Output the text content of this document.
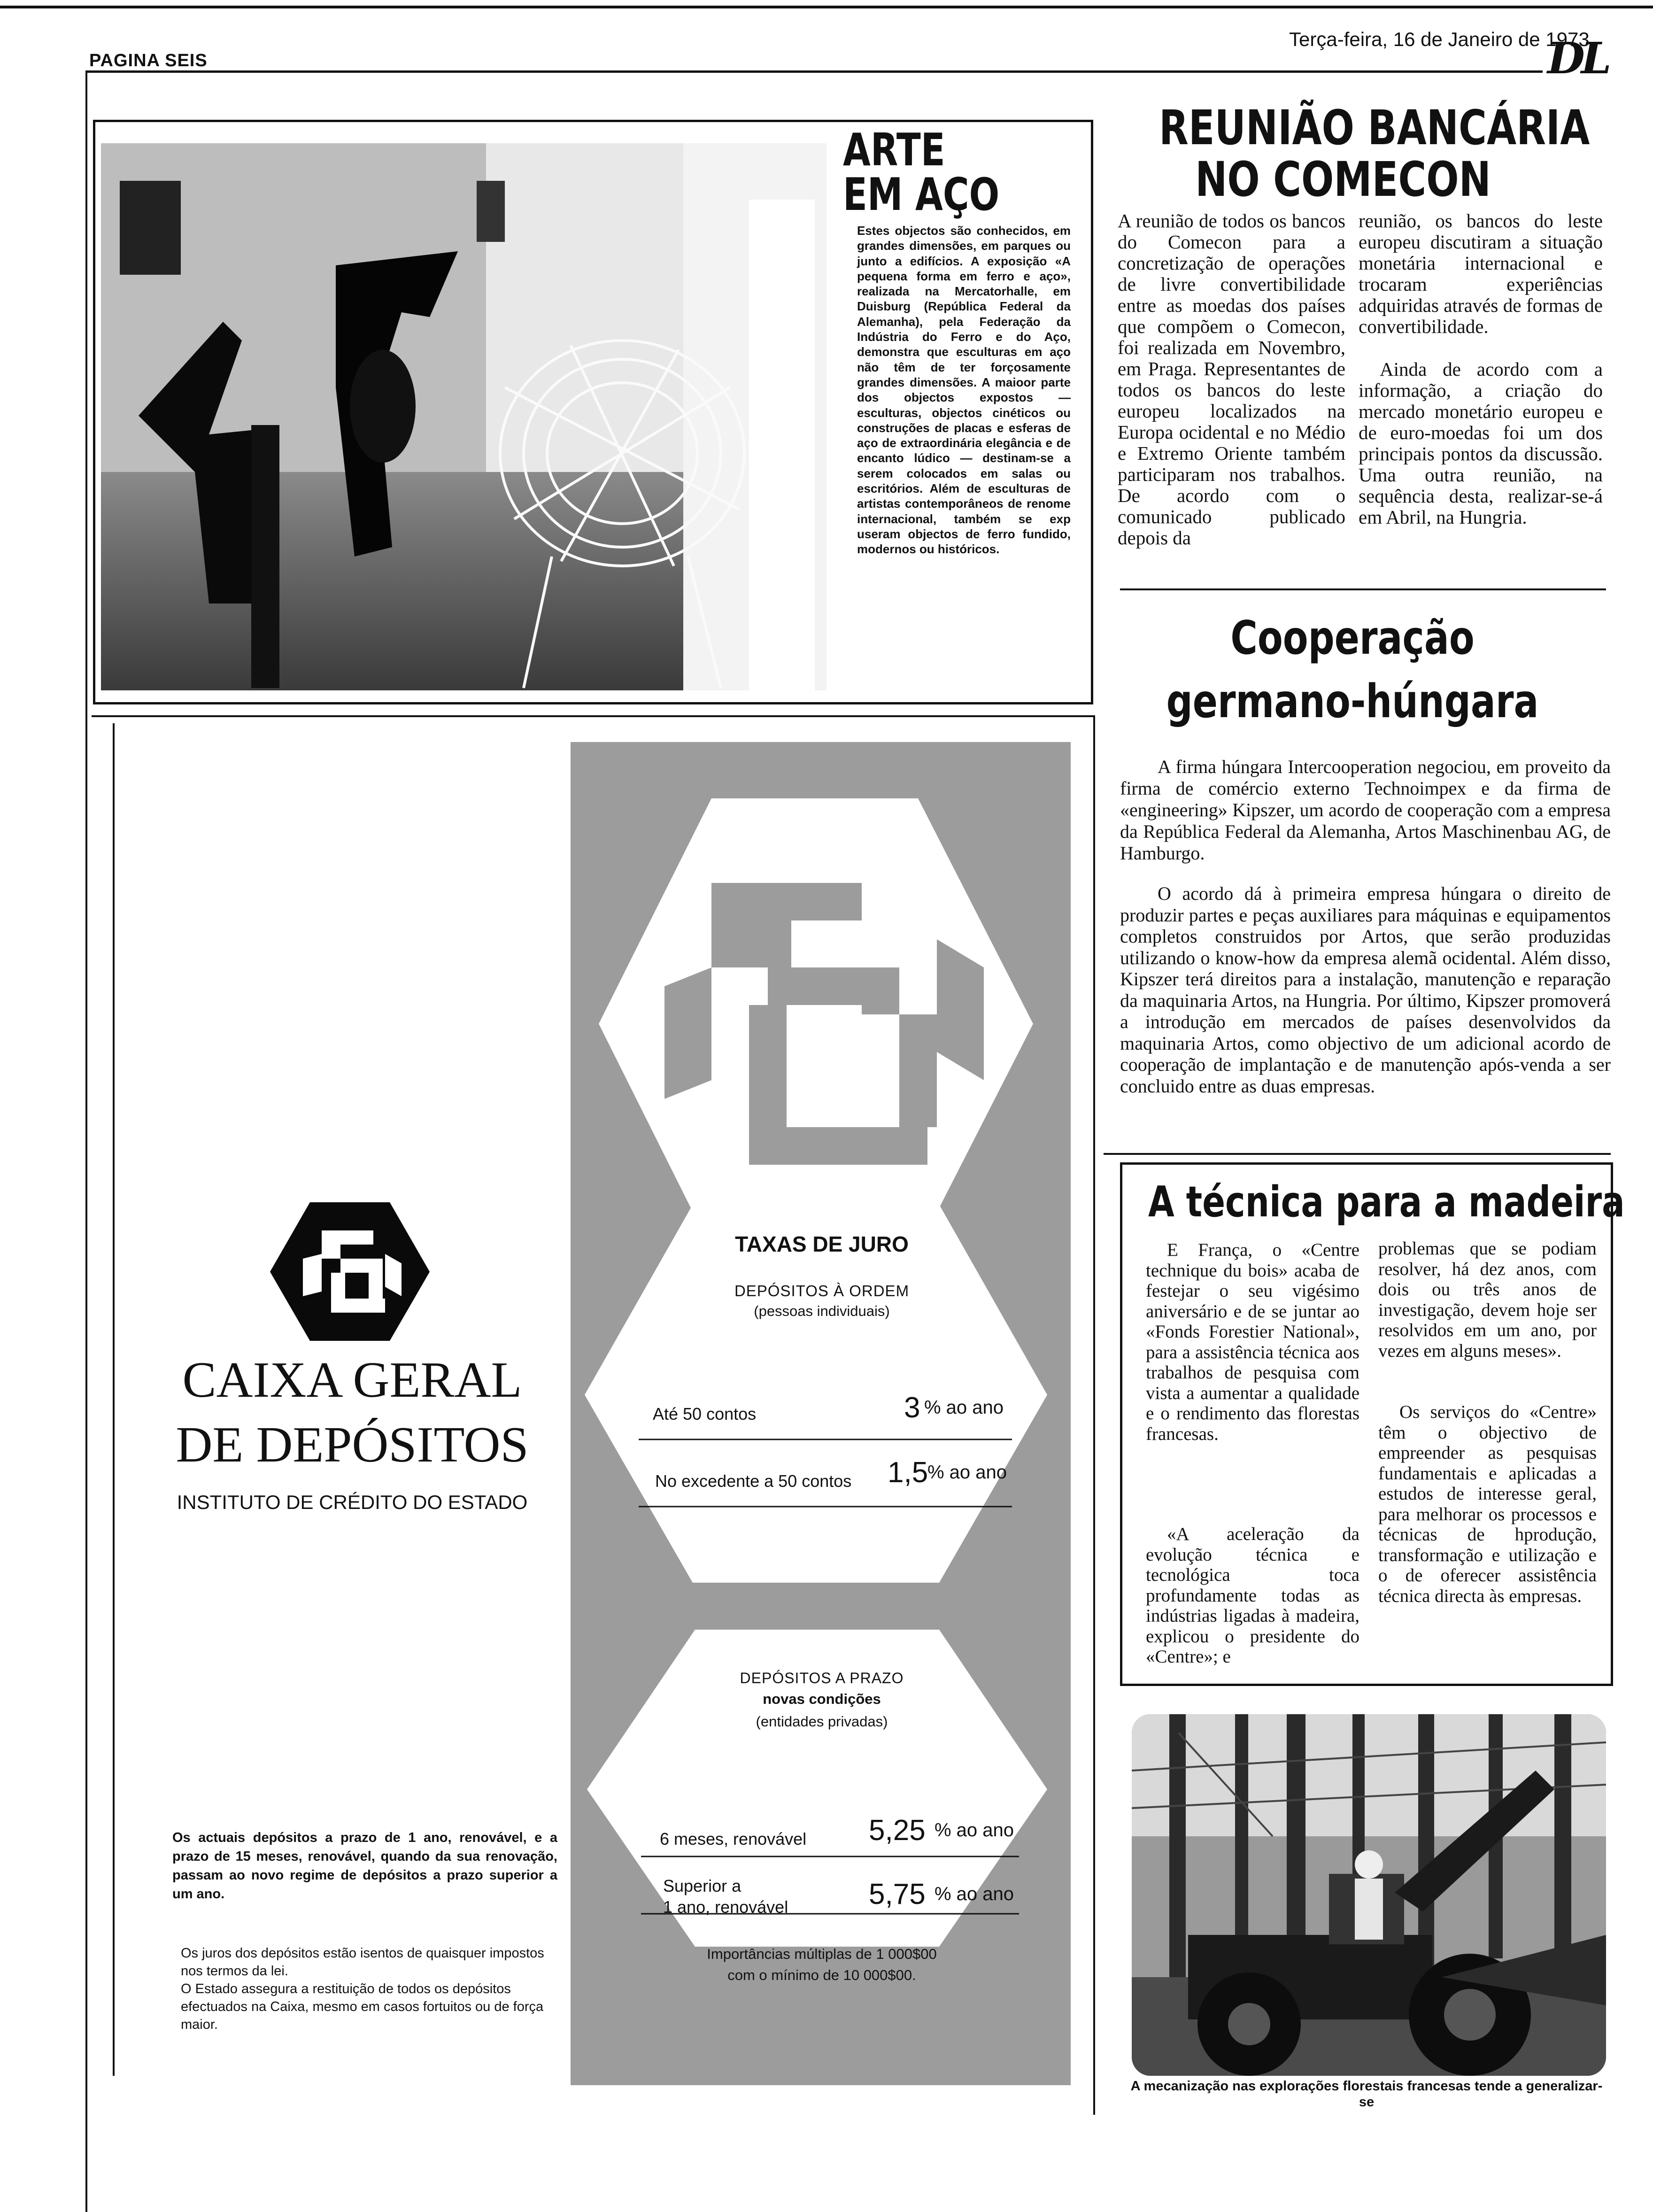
PAGINA SEIS
Terça-feira, 16 de Janeiro de 1973
DL
ARTE
EM AÇO
Estes objectos são conhecidos, em grandes dimensões, em parques ou junto a edifícios. A exposição «A pequena forma em ferro e aço», realizada na Mercatorhalle, em Duisburg (República Federal da Alemanha), pela Federação da Indústria do Ferro e do Aço, demonstra que esculturas em aço não têm de ter forçosamente grandes dimensões. A maioor parte dos objectos expostos — esculturas, objectos cinéticos ou construções de placas e esferas de aço de extraordinária elegância e de encanto lúdico — destinam-se a serem colocados em salas ou escritórios. Além de esculturas de artistas contemporâneos de renome internacional, também se exp useram objectos de ferro fundido, modernos ou históricos.
REUNIÃO BANCÁRIA
NO COMECON
A reunião de todos os bancos do Comecon para a concretização de operações de livre convertibilidade entre as moedas dos países que compõem o Comecon, foi realizada em Novembro, em Praga. Representantes de todos os bancos do leste europeu localizados na Europa ocidental e no Médio e Extremo Oriente também participaram nos trabalhos. De acordo com o comunicado publicado depois da
reunião, os bancos do leste europeu discutiram a situação monetária internacional e trocaram experiências adquiridas através de formas de convertibilidade.
Ainda de acordo com a informação, a criação do mercado monetário europeu e de euro-moedas foi um dos principais pontos da discussão. Uma outra reunião, na sequência desta, realizar-se-á em Abril, na Hungria.
Cooperação
germano-húngara
A firma húngara Intercooperation negociou, em proveito da firma de comércio externo Technoimpex e da firma de «engineering» Kipszer, um acordo de cooperação com a empresa da República Federal da Alemanha, Artos Maschinenbau AG, de Hamburgo.
O acordo dá à primeira empresa húngara o direito de produzir partes e peças auxiliares para máquinas e equipamentos completos construidos por Artos, que serão produzidas utilizando o know-how da empresa alemã ocidental. Além disso, Kipszer terá direitos para a instalação, manutenção e reparação da maquinaria Artos, na Hungria. Por último, Kipszer promoverá a introdução em mercados de países desenvolvidos da maquinaria Artos, como objectivo de um adicional acordo de cooperação de implantação e de manutenção após-venda a ser concluido entre as duas empresas.
A técnica para a madeira
E França, o «Centre technique du bois» acaba de festejar o seu vigésimo aniversário e de se juntar ao «Fonds Forestier National», para a assistência técnica aos trabalhos de pesquisa com vista a aumentar a qualidade e o rendimento das florestas francesas.
«A aceleração da evolução técnica e tecnológica toca profundamente todas as indústrias ligadas à madeira, explicou o presidente do «Centre»; e
problemas que se podiam resolver, há dez anos, com dois ou três anos de investigação, devem hoje ser resolvidos em um ano, por vezes em alguns meses».
Os serviços do «Centre» têm o objectivo de empreender as pesquisas fundamentais e aplicadas a estudos de interesse geral, para melhorar os processos e técnicas de hprodução, transformação e utilização e o de oferecer assistência técnica directa às empresas.
A mecanização nas explorações florestais francesas tende a generalizar-se
TAXAS DE JURO
DEPÓSITOS À ORDEM
(pessoas individuais)
Até 50 contos	3 % ao ano
No excedente a 50 contos 1,5
% ao ano
DEPÓSITOS A PRAZO
novas condições
(entidades privadas)
6 meses, renovável 5,25 % ao ano
Superior a
1 ano, renovável	5,75 % ao ano
Importâncias múltiplas de 1 000$00
com o mínimo de 10 000$00.
CAIXA GERAL
DE DEPÓSITOS
INSTITUTO DE CRÉDITO DO ESTADO
Os actuais depósitos a prazo de 1 ano, renovável, e a prazo de 15 meses, renovável, quando da sua renovação, passam ao novo regime de depósitos a prazo superior a um ano.
Os juros dos depósitos estão isentos de quaisquer impostos nos termos da lei.
O Estado assegura a restituição de todos os depósitos efectuados na Caixa, mesmo em casos fortuitos ou de força maior.
